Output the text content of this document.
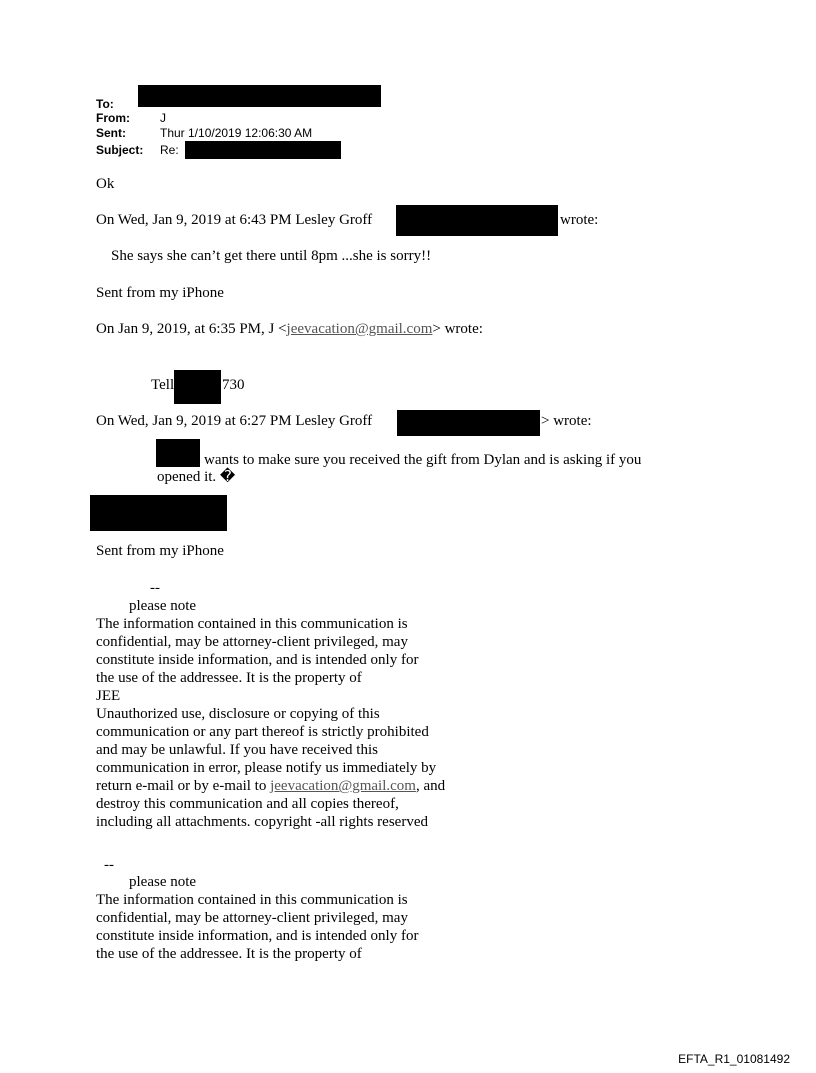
To:
From:	J
Sent:	Thur 1/10/2019 12:06:30 AM
Subject: Re:
Ok
On Wed, Jan 9, 2019 at 6:43 PM Lesley Groff	wrote:
She says she can’t get there until 8pm ...she is sorry!!
Sent from my iPhone
On Jan 9, 2019, at 6:35 PM, J <jeevacation@gmail.com> wrote:
Tell	730
On Wed, Jan 9, 2019 at 6:27 PM Lesley Groff	> wrote:
wants to make sure you received the gift from Dylan and is asking if you
opened it. �
Sent from my iPhone
--
please note
The information contained in this communication is
confidential, may be attorney-client privileged, may
constitute inside information, and is intended only for
the use of the addressee. It is the property of
JEE
Unauthorized use, disclosure or copying of this
communication or any part thereof is strictly prohibited
and may be unlawful. If you have received this
communication in error, please notify us immediately by
return e-mail or by e-mail to jeevacation@gmail.com, and
destroy this communication and all copies thereof,
including all attachments. copyright -all rights reserved
--
please note
The information contained in this communication is
confidential, may be attorney-client privileged, may
constitute inside information, and is intended only for
the use of the addressee. It is the property of
EFTA_R1_01081492
